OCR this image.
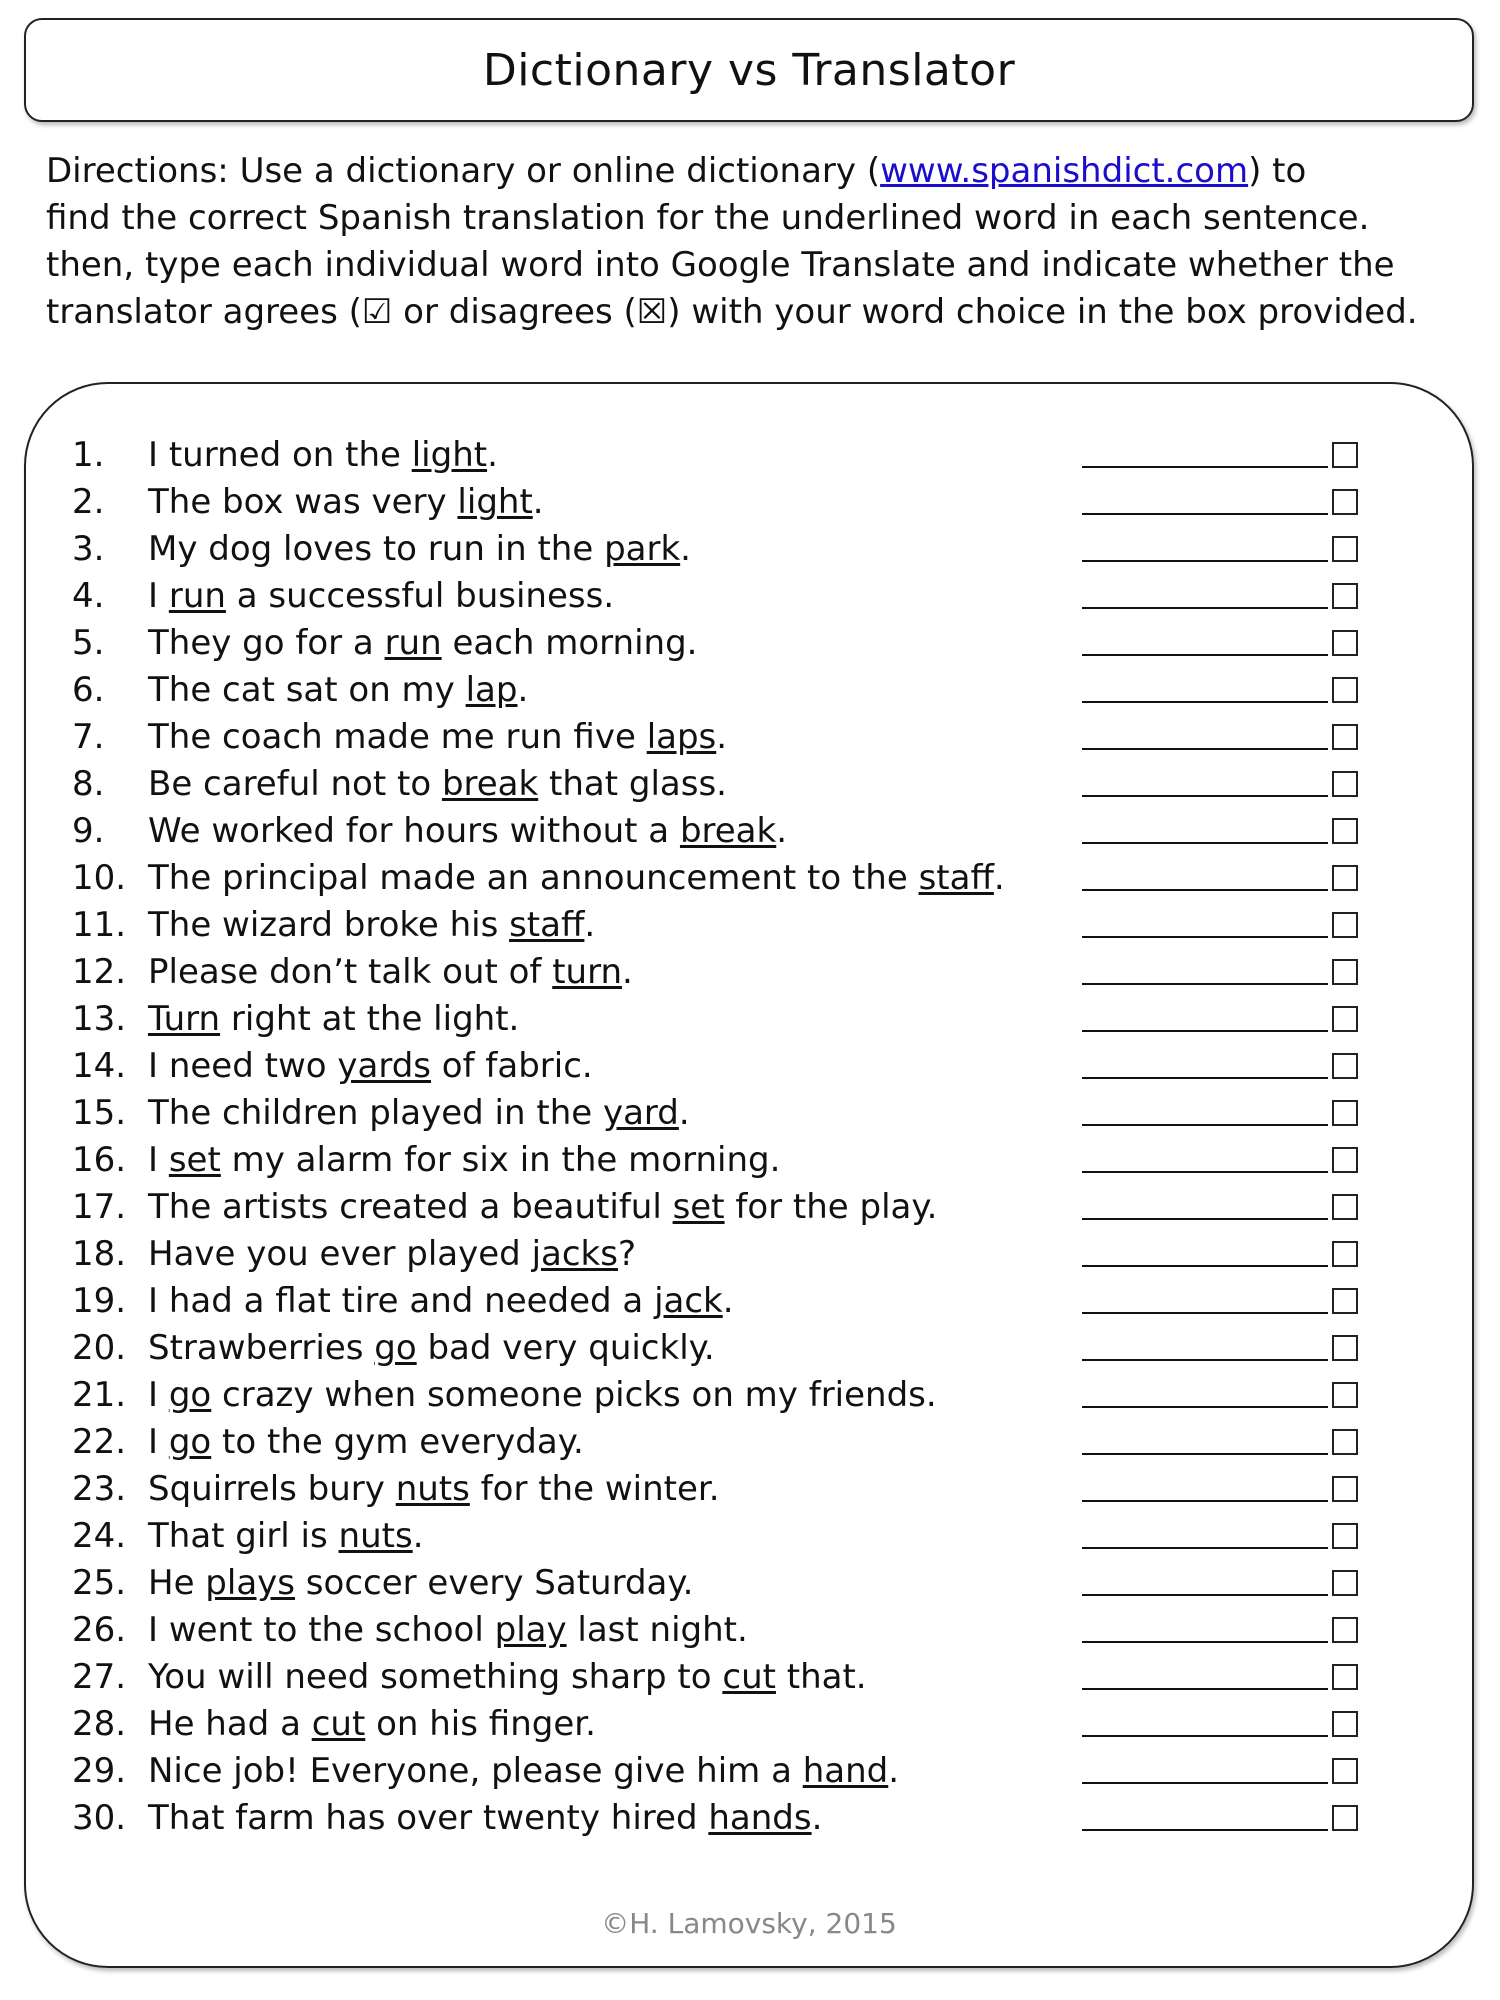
Dictionary vs Translator

Directions: Use a dictionary or online dictionary (www.spanishdict.com) to
find the correct Spanish translation for the underlined word in each sentence.
then, type each individual word into Google Translate and indicate whether the
translator agrees (☑ or disagrees (☒) with your word choice in the box provided.

1.	I turned on the light.
2.	The box was very light.
3.	My dog loves to run in the park.
4.	I run a successful business.
5.	They go for a run each morning.
6.	The cat sat on my lap.
7.	The coach made me run five laps.
8.	Be careful not to break that glass.
9.	We worked for hours without a break.
10. The principal made an announcement to the staff.
11. The wizard broke his staff.
12. Please don’t talk out of turn.
13. Turn right at the light.
14. I need two yards of fabric.
15. The children played in the yard.
16. I set my alarm for six in the morning.
17. The artists created a beautiful set for the play.
18. Have you ever played jacks?
19. I had a flat tire and needed a jack.
20. Strawberries go bad very quickly.
21. I go crazy when someone picks on my friends.
22. I go to the gym everyday.
23. Squirrels bury nuts for the winter.
24. That girl is nuts.
25. He plays soccer every Saturday.
26. I went to the school play last night.
27. You will need something sharp to cut that.
28. He had a cut on his finger.
29. Nice job! Everyone, please give him a hand.
30. That farm has over twenty hired hands.
©H. Lamovsky, 2015
